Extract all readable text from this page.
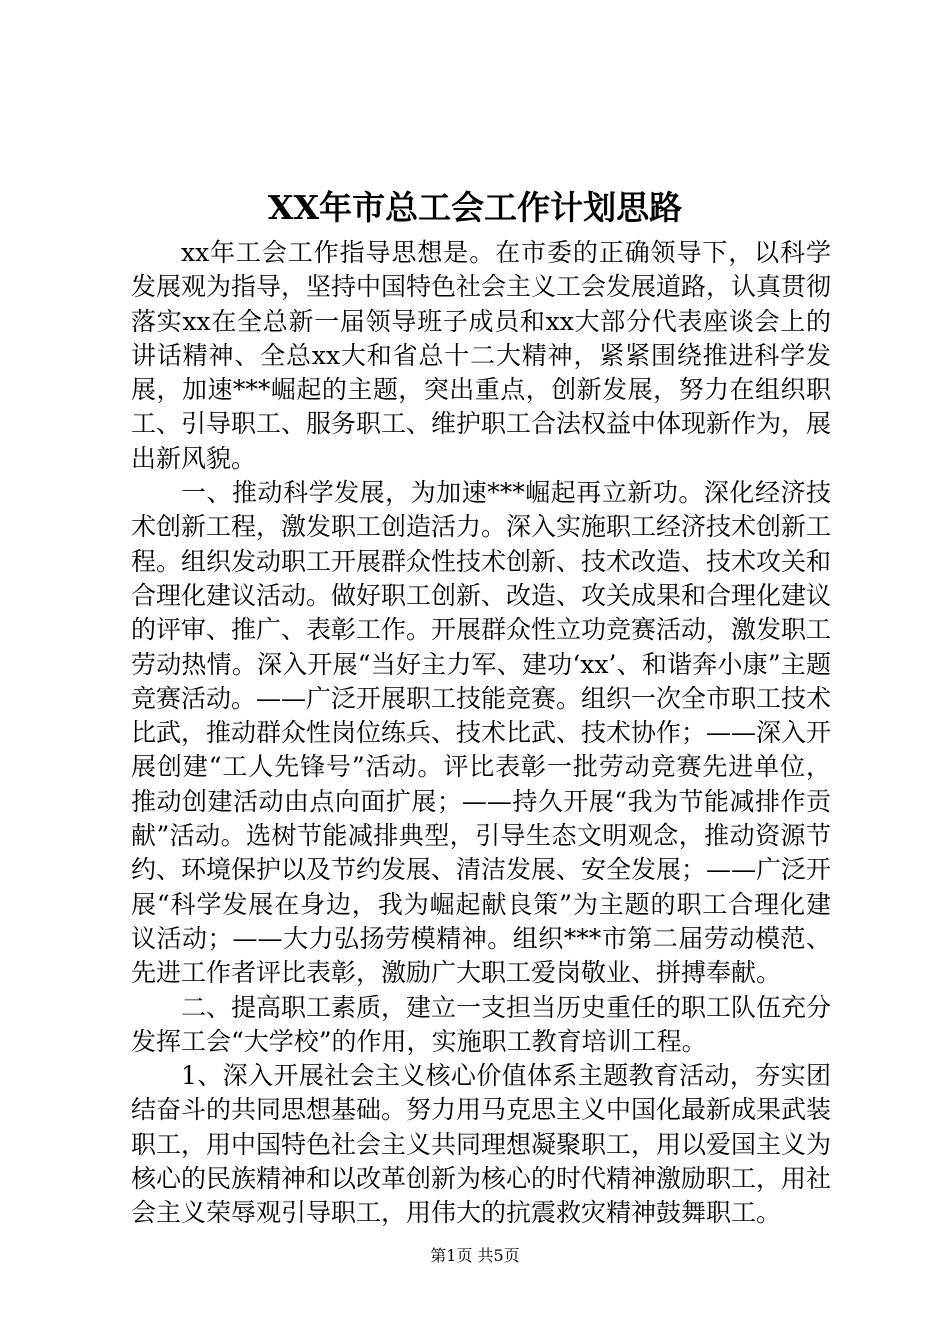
XX年市总工会工作计划思路

xx年工会工作指导思想是。在市委的正确领导下，以科学发展观为指导，坚持中国特色社会主义工会发展道路，认真贯彻落实xx在全总新一届领导班子成员和xx大部分代表座谈会上的讲话精神、全总xx大和省总十二大精神，紧紧围绕推进科学发展，加速***崛起的主题，突出重点，创新发展，努力在组织职工、引导职工、服务职工、维护职工合法权益中体现新作为，展出新风貌。

一、推动科学发展，为加速***崛起再立新功。深化经济技术创新工程，激发职工创造活力。深入实施职工经济技术创新工程。组织发动职工开展群众性技术创新、技术改造、技术攻关和合理化建议活动。做好职工创新、改造、攻关成果和合理化建议的评审、推广、表彰工作。开展群众性立功竞赛活动，激发职工劳动热情。深入开展“当好主力军、建功‘xx’、和谐奔小康”主题竞赛活动。——广泛开展职工技能竞赛。组织一次全市职工技术比武，推动群众性岗位练兵、技术比武、技术协作；——深入开展创建“工人先锋号”活动。评比表彰一批劳动竞赛先进单位，推动创建活动由点向面扩展；——持久开展“我为节能减排作贡献”活动。选树节能减排典型，引导生态文明观念，推动资源节约、环境保护以及节约发展、清洁发展、安全发展；——广泛开展“科学发展在身边，我为崛起献良策”为主题的职工合理化建议活动；——大力弘扬劳模精神。组织***市第二届劳动模范、先进工作者评比表彰，激励广大职工爱岗敬业、拼搏奉献。

二、提高职工素质，建立一支担当历史重任的职工队伍充分发挥工会“大学校”的作用，实施职工教育培训工程。

1、深入开展社会主义核心价值体系主题教育活动，夯实团结奋斗的共同思想基础。努力用马克思主义中国化最新成果武装职工，用中国特色社会主义共同理想凝聚职工，用以爱国主义为核心的民族精神和以改革创新为核心的时代精神激励职工，用社会主义荣辱观引导职工，用伟大的抗震救灾精神鼓舞职工。

第1页 共5页
